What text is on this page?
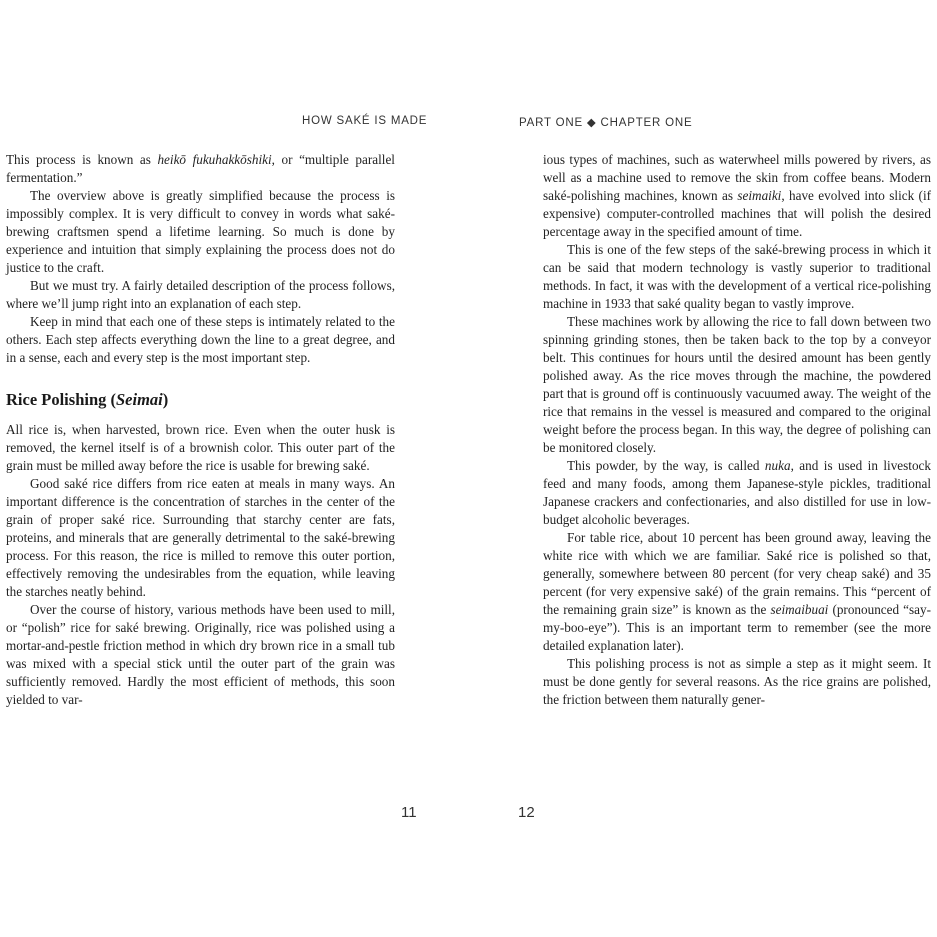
HOW SAKÉ IS MADE	PART ONE ◆ CHAPTER ONE

This process is known as heikō fukuhakkōshiki, or “multiple parallel fermentation.”

The overview above is greatly simplified because the process is impossibly complex. It is very difficult to convey in words what saké-brewing craftsmen spend a lifetime learning. So much is done by experience and intuition that simply explaining the process does not do justice to the craft.

But we must try. A fairly detailed description of the process follows, where we’ll jump right into an explanation of each step.

Keep in mind that each one of these steps is intimately related to the others. Each step affects everything down the line to a great degree, and in a sense, each and every step is the most important step.

Rice Polishing (Seimai)

All rice is, when harvested, brown rice. Even when the outer husk is removed, the kernel itself is of a brownish color. This outer part of the grain must be milled away before the rice is usable for brewing saké.

Good saké rice differs from rice eaten at meals in many ways. An important difference is the concentration of starches in the center of the grain of proper saké rice. Surrounding that starchy center are fats, proteins, and minerals that are generally detrimental to the saké-brewing process. For this reason, the rice is milled to remove this outer portion, effectively removing the undesirables from the equation, while leaving the starches neatly behind.

Over the course of history, various methods have been used to mill, or “polish” rice for saké brewing. Originally, rice was polished using a mortar-and-pestle friction method in which dry brown rice in a small tub was mixed with a special stick until the outer part of the grain was sufficiently removed. Hardly the most efficient of methods, this soon yielded to var-

ious types of machines, such as waterwheel mills powered by rivers, as well as a machine used to remove the skin from coffee beans. Modern saké-polishing machines, known as seimaiki, have evolved into slick (if expensive) computer-controlled machines that will polish the desired percentage away in the specified amount of time.

This is one of the few steps of the saké-brewing process in which it can be said that modern technology is vastly superior to traditional methods. In fact, it was with the development of a vertical rice-polishing machine in 1933 that saké quality began to vastly improve.

These machines work by allowing the rice to fall down between two spinning grinding stones, then be taken back to the top by a conveyor belt. This continues for hours until the desired amount has been gently polished away. As the rice moves through the machine, the powdered part that is ground off is continuously vacuumed away. The weight of the rice that remains in the vessel is measured and compared to the original weight before the process began. In this way, the degree of polishing can be monitored closely.

This powder, by the way, is called nuka, and is used in livestock feed and many foods, among them Japanese-style pickles, traditional Japanese crackers and confectionaries, and also distilled for use in low-budget alcoholic beverages.

For table rice, about 10 percent has been ground away, leaving the white rice with which we are familiar. Saké rice is polished so that, generally, somewhere between 80 percent (for very cheap saké) and 35 percent (for very expensive saké) of the grain remains. This “percent of the remaining grain size” is known as the seimaibuai (pronounced “say-my-boo-eye”). This is an important term to remember (see the more detailed explanation later).

This polishing process is not as simple a step as it might seem. It must be done gently for several reasons. As the rice grains are polished, the friction between them naturally gener-

11	12
